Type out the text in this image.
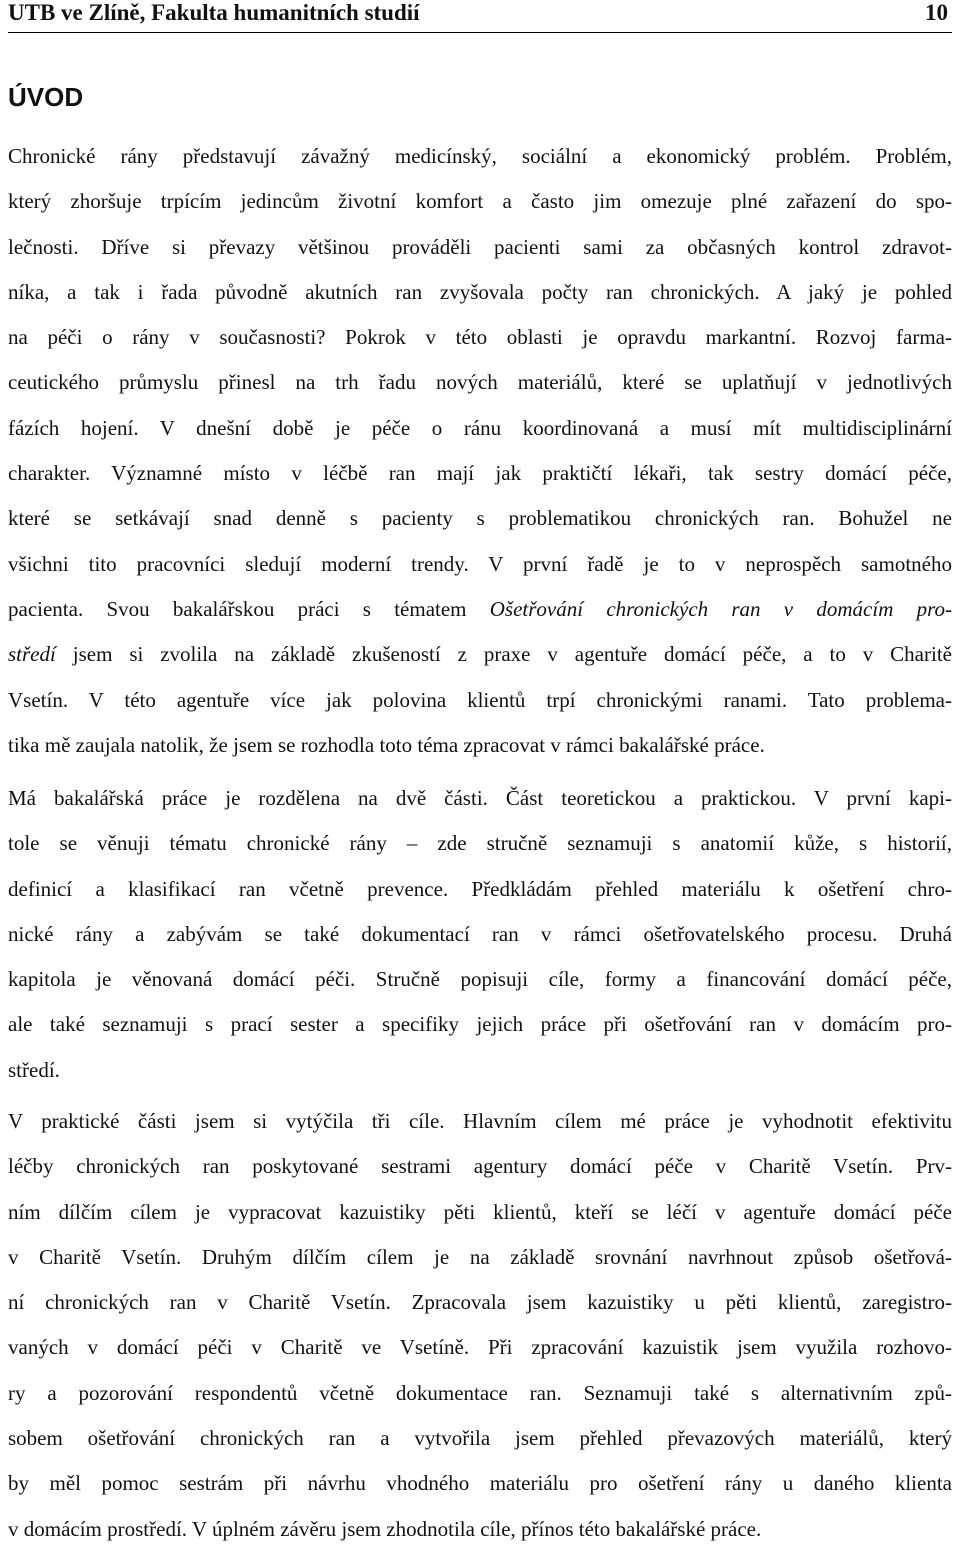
UTB ve Zlíně, Fakulta humanitních studií	10
ÚVOD
Chronické rány představují závažný medicínský, sociální a ekonomický problém. Problém,
který zhoršuje trpícím jedincům životní komfort a často jim omezuje plné zařazení do spo-
lečnosti. Dříve si převazy většinou prováděli pacienti sami za občasných kontrol zdravot-
níka, a tak i řada původně akutních ran zvyšovala počty ran chronických. A jaký je pohled
na péči o rány v současnosti? Pokrok v této oblasti je opravdu markantní. Rozvoj farma-
ceutického průmyslu přinesl na trh řadu nových materiálů, které se uplatňují v jednotlivých
fázích hojení. V dnešní době je péče o ránu koordinovaná a musí mít multidisciplinární
charakter. Významné místo v léčbě ran mají jak praktičtí lékaři, tak sestry domácí péče,
které se setkávají snad denně s pacienty s problematikou chronických ran. Bohužel ne
všichni tito pracovníci sledují moderní trendy. V první řadě je to v neprospěch samotného
pacienta. Svou bakalářskou práci s tématem Ošetřování chronických ran v domácím pro-
středí jsem si zvolila na základě zkušeností z praxe v agentuře domácí péče, a to v Charitě
Vsetín. V této agentuře více jak polovina klientů trpí chronickými ranami. Tato problema-
tika mě zaujala natolik, že jsem se rozhodla toto téma zpracovat v rámci bakalářské práce.
Má bakalářská práce je rozdělena na dvě části. Část teoretickou a praktickou. V první kapi-
tole se věnuji tématu chronické rány – zde stručně seznamuji s anatomií kůže, s historií,
definicí a klasifikací ran včetně prevence. Předkládám přehled materiálu k ošetření chro-
nické rány a zabývám se také dokumentací ran v rámci ošetřovatelského procesu. Druhá
kapitola je věnovaná domácí péči. Stručně popisuji cíle, formy a financování domácí péče,
ale také seznamuji s prací sester a specifiky jejich práce při ošetřování ran v domácím pro-
středí.
V praktické části jsem si vytýčila tři cíle. Hlavním cílem mé práce je vyhodnotit efektivitu
léčby chronických ran poskytované sestrami agentury domácí péče v Charitě Vsetín. Prv-
ním dílčím cílem je vypracovat kazuistiky pěti klientů, kteří se léčí v agentuře domácí péče
v Charitě Vsetín. Druhým dílčím cílem je na základě srovnání navrhnout způsob ošetřová-
ní chronických ran v Charitě Vsetín. Zpracovala jsem kazuistiky u pěti klientů, zaregistro-
vaných v domácí péči v Charitě ve Vsetíně. Při zpracování kazuistik jsem využila rozhovo-
ry a pozorování respondentů včetně dokumentace ran. Seznamuji také s alternativním způ-
sobem ošetřování chronických ran a vytvořila jsem přehled převazových materiálů, který
by měl pomoc sestrám při návrhu vhodného materiálu pro ošetření rány u daného klienta
v domácím prostředí. V úplném závěru jsem zhodnotila cíle, přínos této bakalářské práce.
